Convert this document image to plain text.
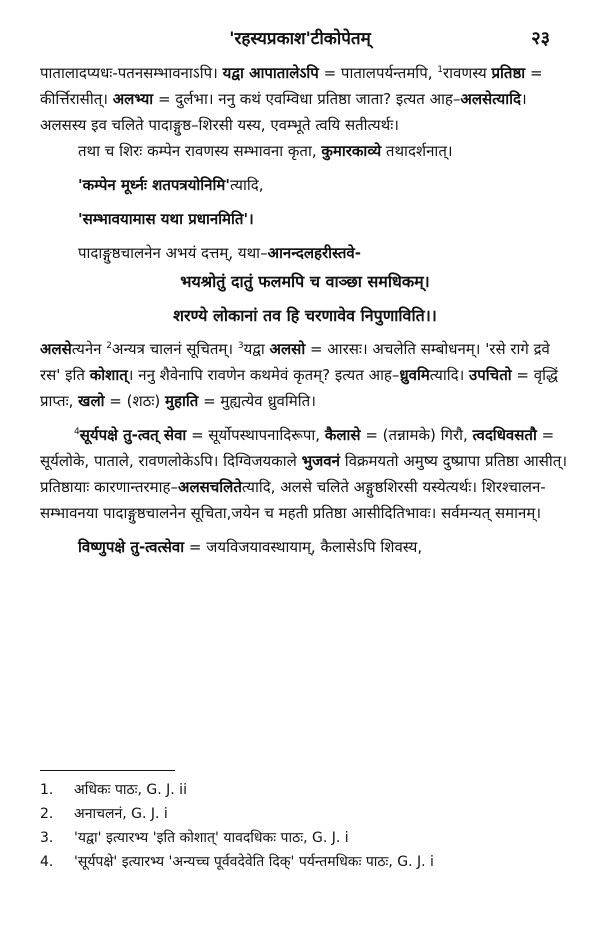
'रहस्यप्रकाश'टीकोपेतम्	२३

पातालादप्यधः-पतनसम्भावनाऽपि। यद्वा आपातालेऽपि = पातालपर्यन्तमपि, $^1$रावणस्य प्रतिष्ठा = कीर्त्तिरासीत्। अलभ्या = दुर्लभा। ननु कथं एवम्विधा प्रतिष्ठा जाता? इत्यत आह–अलसेत्यादि। अलसस्य इव चलिते पादाङ्गुष्ठ–शिरसी यस्य, एवम्भूते त्वयि सतीत्यर्थः।

तथा च शिरः कम्पेन रावणस्य सम्भावना कृता, कुमारकाव्ये तथादर्शनात्।

'कम्पेन मूर्ध्नः शतपत्रयोनिमि'त्यादि,

'सम्भावयामास यथा प्रधानमिति'।

पादाङ्गुष्ठचालनेन अभयं दत्तम्, यथा–आनन्दलहरीस्तवे-

भयश्रोतुं दातुं फलमपि च वाञ्छा समधिकम्।

शरण्ये लोकानां तव हि चरणावेव निपुणाविति।।

अलसेत्यनेन $^2$अन्यत्र चालनं सूचितम्। $^3$यद्वा अलसो = आरसः। अचलेति सम्बोधनम्। 'रसे रागे द्रवे रस' इति कोशात्। ननु शैवेनापि रावणेन कथमेवं कृतम्? इत्यत आह–ध्रुवमित्यादि। उपचितो = वृद्धिं प्राप्तः, खलो = (शठः) मुहाति = मुह्यत्येव ध्रुवमिति।

$^4$सूर्यपक्षे तु-त्वत् सेवा = सूर्योपस्थापनादिरूपा, कैलासे = (तन्नामके) गिरौ, त्वदधिवसतौ = सूर्यलोके, पाताले, रावणलोकेऽपि। दिग्विजयकाले भुजवनं विक्रमयतो अमुष्य दुष्प्रापा प्रतिष्ठा आसीत्। प्रतिष्ठायाः कारणान्तरमाह–अलसचलितेत्यादि, अलसे चलिते अङ्गुष्ठशिरसी यस्येत्यर्थः। शिरश्चालन-सम्भावनया पादाङ्गुष्ठचालनेन सूचिता,जयेन च महती प्रतिष्ठा आसीदितिभावः। सर्वमन्यत् समानम्।

विष्णुपक्षे तु-त्वत्सेवा = जयविजयावस्थायाम्, कैलासेऽपि शिवस्य,

1.	अधिकः पाठः, G. J. ii
2.	अनाचलनं, G. J. i
3.	'यद्वा' इत्यारभ्य 'इति कोशात्' यावदधिकः पाठः, G. J. i
4.	'सूर्यपक्षे' इत्यारभ्य 'अन्यच्च पूर्ववदेवेति दिक्' पर्यन्तमधिकः पाठः, G. J. i
